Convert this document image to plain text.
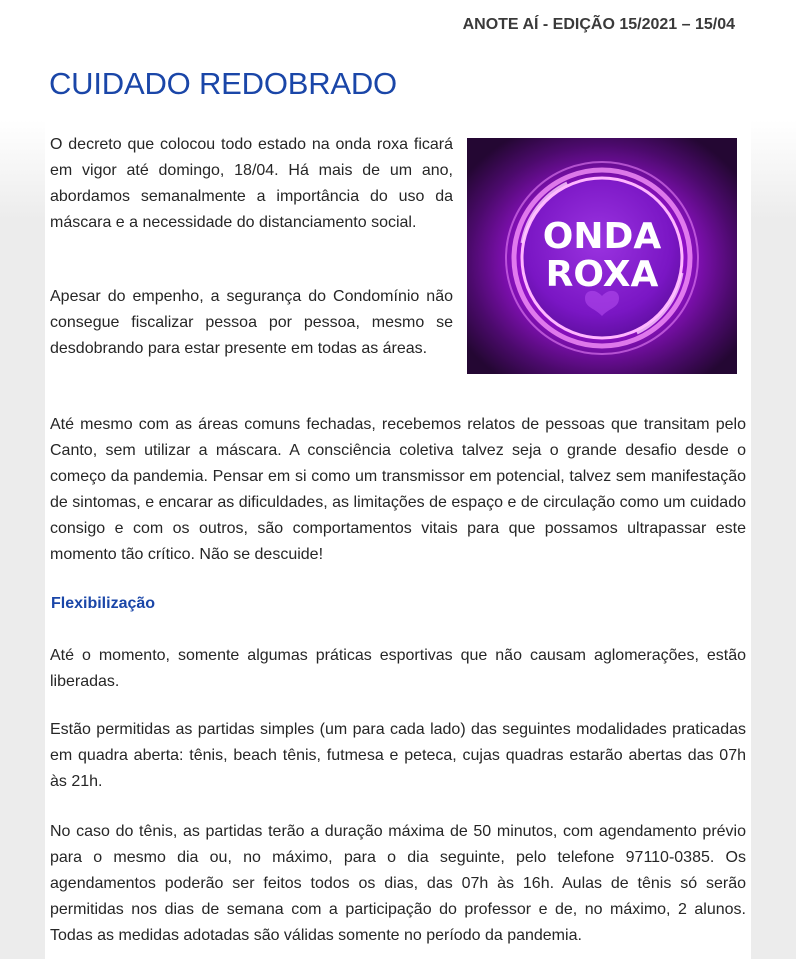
ANOTE AÍ - EDIÇÃO 15/2021 – 15/04
CUIDADO REDOBRADO

O decreto que colocou todo estado na onda roxa ficará em vigor até domingo, 18/04. Há mais de um ano, abordamos semanalmente a importância do uso da máscara e a necessidade do distanciamento social.

Apesar do empenho, a segurança do Condomínio não consegue fiscalizar pessoa por pessoa, mesmo se desdobrando para estar presente em todas as áreas.

ONDA
ROXA

Até mesmo com as áreas comuns fechadas, recebemos relatos de pessoas que transitam pelo Canto, sem utilizar a máscara. A consciência coletiva talvez seja o grande desafio desde o começo da pandemia. Pensar em si como um transmissor em potencial, talvez sem manifestação de sintomas, e encarar as dificuldades, as limitações de espaço e de circulação como um cuidado consigo e com os outros, são comportamentos vitais para que possamos ultrapassar este momento tão crítico. Não se descuide!

Flexibilização

Até o momento, somente algumas práticas esportivas que não causam aglomerações, estão liberadas.

Estão permitidas as partidas simples (um para cada lado) das seguintes modalidades praticadas em quadra aberta: tênis, beach tênis, futmesa e peteca, cujas quadras estarão abertas das 07h às 21h.

No caso do tênis, as partidas terão a duração máxima de 50 minutos, com agendamento prévio para o mesmo dia ou, no máximo, para o dia seguinte, pelo telefone 97110-0385. Os agendamentos poderão ser feitos todos os dias, das 07h às 16h. Aulas de tênis só serão permitidas nos dias de semana com a participação do professor e de, no máximo, 2 alunos. Todas as medidas adotadas são válidas somente no período da pandemia.
